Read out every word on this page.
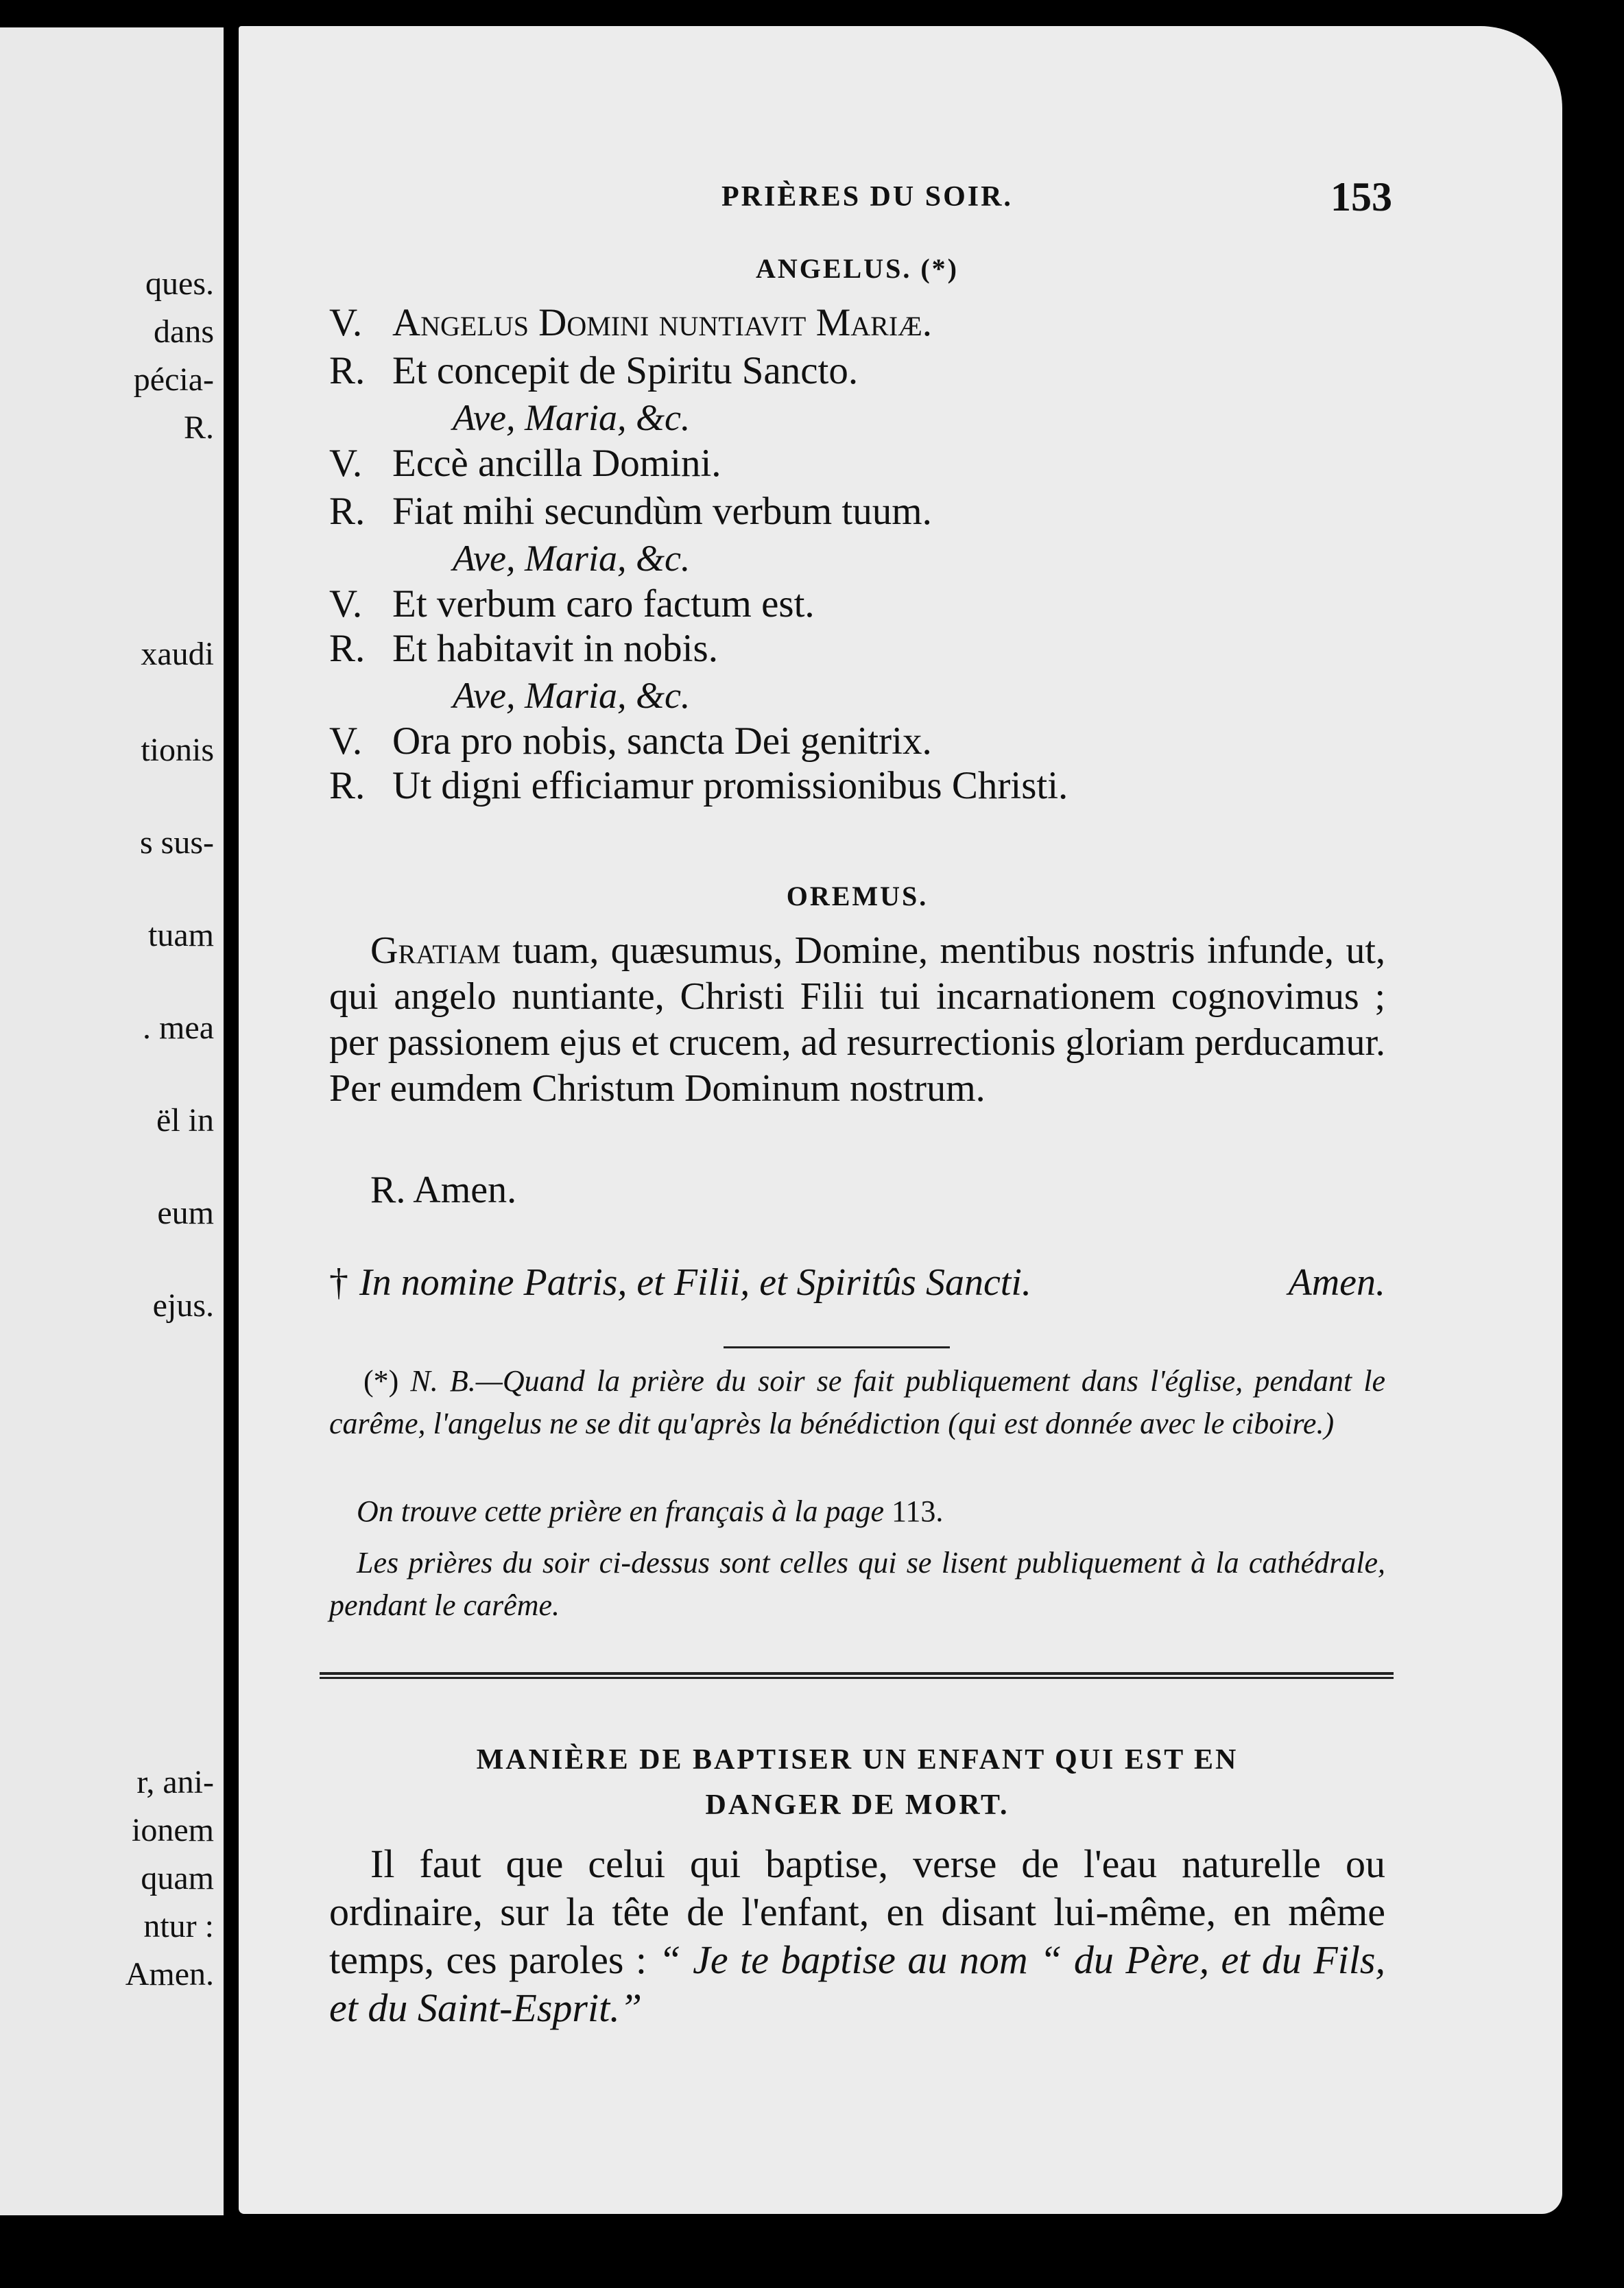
ques.
dans
pécia-
R.
xaudi
tionis
s sus-
tuam
. mea
ël in
eum
ejus.
r, ani-
ionem
quam
ntur :
Amen.
PRIÈRES DU SOIR.	153
ANGELUS. (*)
V. Angelus Domini nuntiavit Mariæ.
R. Et concepit de Spiritu Sancto.
Ave, Maria, &c.
V. Eccè ancilla Domini.
R. Fiat mihi secundùm verbum tuum.
Ave, Maria, &c.
V. Et verbum caro factum est.
R. Et habitavit in nobis.
Ave, Maria, &c.
V. Ora pro nobis, sancta Dei genitrix.
R. Ut digni efficiamur promissionibus Christi.
OREMUS.

Gratiam tuam, quæsumus, Domine, mentibus nostris infunde, ut, qui angelo nuntiante, Christi Filii tui incarnationem cognovimus ; per passionem ejus et crucem, ad resurrectionis gloriam perducamur. Per eumdem Christum Dominum nostrum.

R. Amen.
† In nomine Patris, et Filii, et Spiritûs Sancti.	Amen.

(*) N. B.—Quand la prière du soir se fait publiquement dans l'église, pendant le carême, l'angelus ne se dit qu'après la bénédiction (qui est donnée avec le ciboire.)

On trouve cette prière en français à la page 113.

Les prières du soir ci-dessus sont celles qui se lisent publiquement à la cathédrale, pendant le carême.

MANIÈRE DE BAPTISER UN ENFANT QUI EST EN
DANGER DE MORT.

Il faut que celui qui baptise, verse de l'eau naturelle ou ordinaire, sur la tête de l'enfant, en disant lui-même, en même temps, ces paroles : “ Je te baptise au nom “ du Père, et du Fils, et du Saint-Esprit.”
